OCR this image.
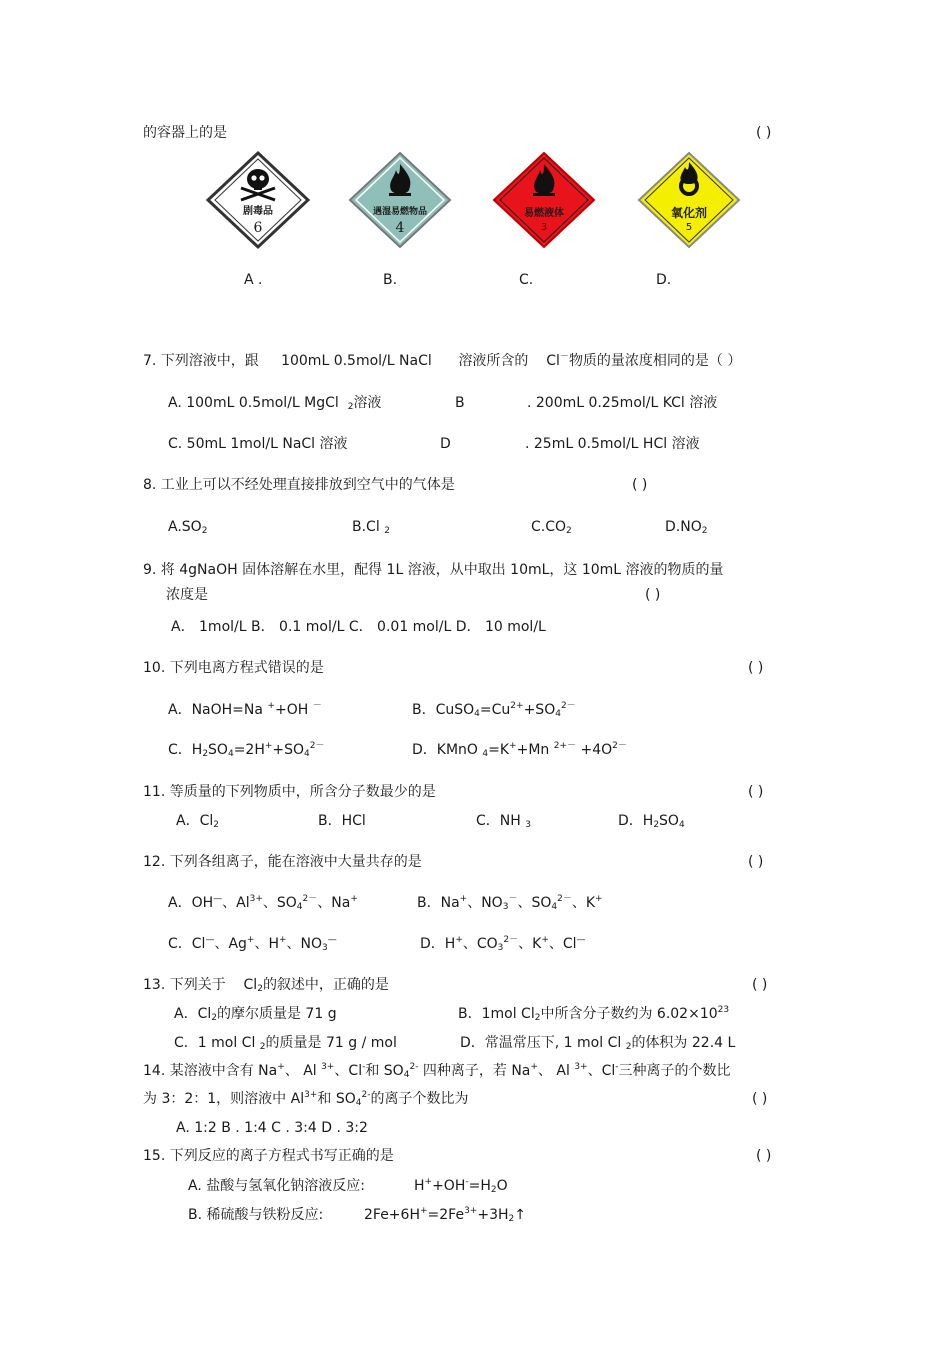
的容器上的是	( )
剧毒品
6
遇湿易燃物品
4
易燃液体
3
氧化剂
5
A .	B.	C.	D.
7. 下列溶液中，跟 100mL 0.5mol/L NaCl 溶液所含的 Cl－物质的量浓度相同的是（ ）
A. 100mL 0.5mol/L MgCl $_2$溶液	B	. 200mL 0.25mol/L KCl 溶液
C. 50mL 1mol/L NaCl 溶液	D	. 25mL 0.5mol/L HCl 溶液
8. 工业上可以不经处理直接排放到空气中的气体是	( )
$A.SO_2$	B.Cl $_2$	$C.CO_2$	$D.NO_2$
9. 将 4gNaOH 固体溶解在水里，配得 1L 溶液，从中取出 10mL，这 10mL 溶液的物质的量
浓度是	( )
A． 1mol/L B． 0.1 mol/L C． 0.01 mol/L D． 10 mol/L
10. 下列电离方程式错误的是	( )
A．NaOH=Na ++OH －	B．$CuSO_4=Cu^{2+}+SO_4^{2-}$
C．$H_2SO_4=2H^++SO_4^{2-}$	D．KMnO $_4$=K++Mn $^{2+-} +4O^{2-}$
11. 等质量的下列物质中，所含分子数最少的是	( )
A．$Cl_2$	B．HCl	C．NH $_3$	D．$H_2SO_4$
12. 下列各组离子，能在溶液中大量共存的是	( )
A．OH—、$Al^{3+}$、$SO_4^{2-}$、Na+	B．Na+、$NO_3^-$、$SO_4^{2-}$、K+
C．Cl—、Ag+、H+、$NO_3^—$	D．H+、$CO_3^{2-}$、K+、Cl—
13. 下列关于 $Cl_2$的叙述中，正确的是	( )
A．$Cl_2$的摩尔质量是 71 g	B．1mol $Cl_2$中所含分子数约为 $6.02\times 10^{23}$
C．1 mol Cl $_2$的质量是 71 g / mol	D．常温常压下, 1 mol Cl $_2$的体积为 22.4 L
14. 某溶液中含有 Na+、 Al $^{3+}$、Cl-和 $SO_4^{2-}$ 四种离子，若 Na+、 Al $^{3+}$、Cl-三种离子的个数比
为 3：2：1，则溶液中 $Al^{3+}$和 $SO_4^{2-}$的离子个数比为	( )
A. 1:2 B . 1:4 C . 3:4 D . 3:2
15. 下列反应的离子方程式书写正确的是	( )
A. 盐酸与氢氧化钠溶液反应:	$H^++OH^-=H_2O$
B. 稀硫酸与铁粉反应:	$2Fe+6H^+=2Fe^{3+}+3H_2↑$
